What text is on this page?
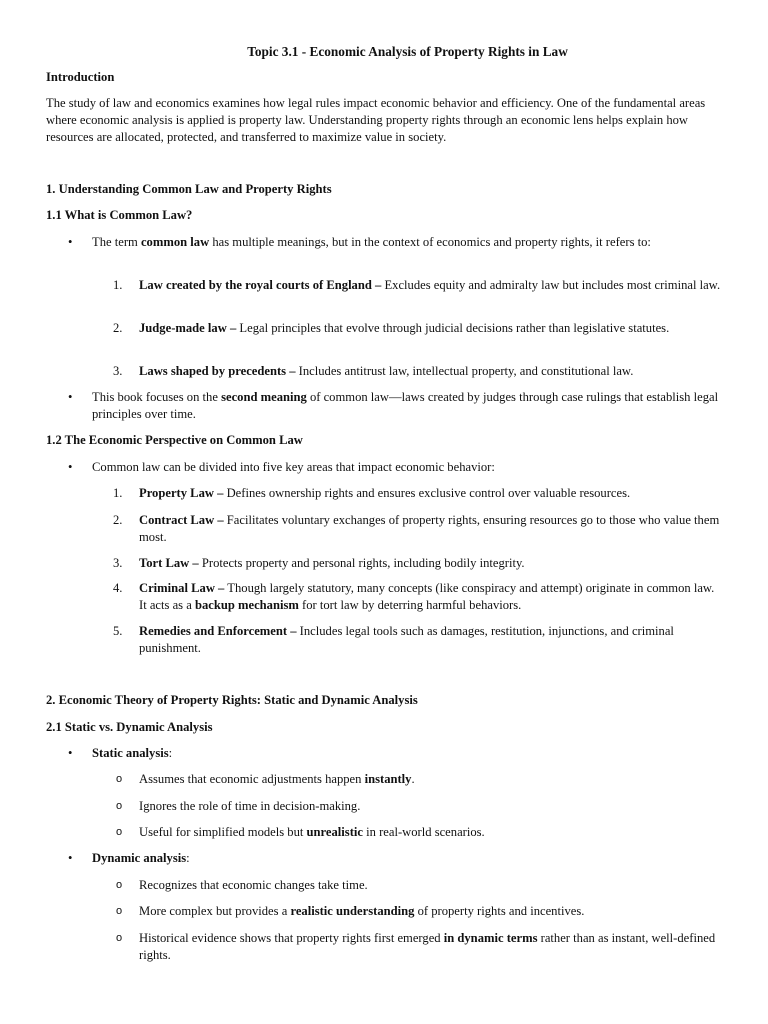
Topic 3.1 - Economic Analysis of Property Rights in Law
Introduction
The study of law and economics examines how legal rules impact economic behavior and efficiency. One of the fundamental areas where economic analysis is applied is property law. Understanding property rights through an economic lens helps explain how resources are allocated, protected, and transferred to maximize value in society.
1. Understanding Common Law and Property Rights
1.1 What is Common Law?
• The term common law has multiple meanings, but in the context of economics and property rights, it refers to:
1.	Law created by the royal courts of England – Excludes equity and admiralty law but includes most criminal law.
2.	Judge-made law – Legal principles that evolve through judicial decisions rather than legislative statutes.
3.	Laws shaped by precedents – Includes antitrust law, intellectual property, and constitutional law.
• This book focuses on the second meaning of common law—laws created by judges through case rulings that establish legal principles over time.
1.2 The Economic Perspective on Common Law
• Common law can be divided into five key areas that impact economic behavior:
1.	Property Law – Defines ownership rights and ensures exclusive control over valuable resources.
2.	Contract Law – Facilitates voluntary exchanges of property rights, ensuring resources go to those who value them most.
3.	Tort Law – Protects property and personal rights, including bodily integrity.
4.	Criminal Law – Though largely statutory, many concepts (like conspiracy and attempt) originate in common law. It acts as a backup mechanism for tort law by deterring harmful behaviors.
5.	Remedies and Enforcement – Includes legal tools such as damages, restitution, injunctions, and criminal punishment.
2. Economic Theory of Property Rights: Static and Dynamic Analysis
2.1 Static vs. Dynamic Analysis
• Static analysis:
o	Assumes that economic adjustments happen instantly.
o	Ignores the role of time in decision-making.
o	Useful for simplified models but unrealistic in real-world scenarios.
• Dynamic analysis:
o	Recognizes that economic changes take time.
o	More complex but provides a realistic understanding of property rights and incentives.
o	Historical evidence shows that property rights first emerged in dynamic terms rather than as instant, well-defined rights.
